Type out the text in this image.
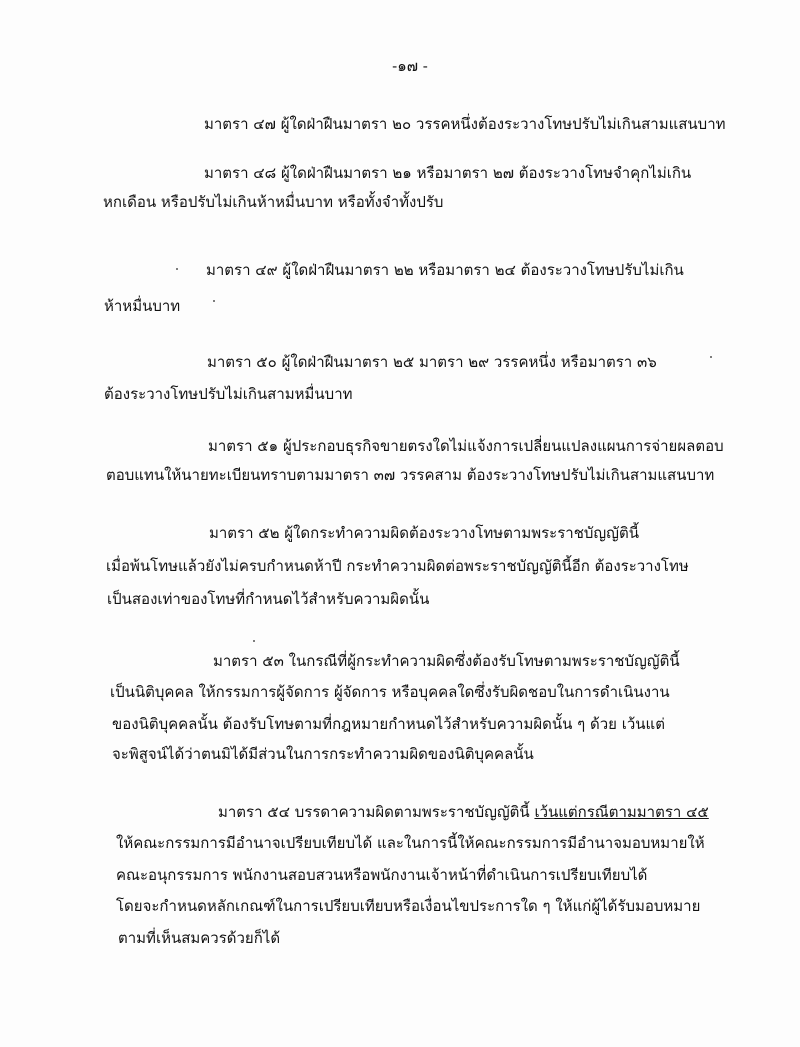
-๑๗ -
มาตรา ๔๗ ผู้ใดฝ่าฝืนมาตรา ๒๐ วรรคหนึ่งต้องระวางโทษปรับไม่เกินสามแสนบาท
มาตรา ๔๘ ผู้ใดฝ่าฝืนมาตรา ๒๑ หรือมาตรา ๒๗ ต้องระวางโทษจำคุกไม่เกิน
หกเดือน หรือปรับไม่เกินห้าหมื่นบาท หรือทั้งจำทั้งปรับ
มาตรา ๔๙ ผู้ใดฝ่าฝืนมาตรา ๒๒ หรือมาตรา ๒๔ ต้องระวางโทษปรับไม่เกิน
ห้าหมื่นบาท
มาตรา ๕๐ ผู้ใดฝ่าฝืนมาตรา ๒๕ มาตรา ๒๙ วรรคหนึ่ง หรือมาตรา ๓๖
ต้องระวางโทษปรับไม่เกินสามหมื่นบาท
มาตรา ๕๑ ผู้ประกอบธุรกิจขายตรงใดไม่แจ้งการเปลี่ยนแปลงแผนการจ่ายผลตอบ
ตอบแทนให้นายทะเบียนทราบตามมาตรา ๓๗ วรรคสาม ต้องระวางโทษปรับไม่เกินสามแสนบาท
มาตรา ๕๒ ผู้ใดกระทำความผิดต้องระวางโทษตามพระราชบัญญัตินี้
เมื่อพ้นโทษแล้วยังไม่ครบกำหนดห้าปี กระทำความผิดต่อพระราชบัญญัตินี้อีก ต้องระวางโทษ
เป็นสองเท่าของโทษที่กำหนดไว้สำหรับความผิดนั้น
มาตรา ๕๓ ในกรณีที่ผู้กระทำความผิดซึ่งต้องรับโทษตามพระราชบัญญัตินี้
เป็นนิติบุคคล ให้กรรมการผู้จัดการ ผู้จัดการ หรือบุคคลใดซึ่งรับผิดชอบในการดำเนินงาน
ของนิติบุคคลนั้น ต้องรับโทษตามที่กฎหมายกำหนดไว้สำหรับความผิดนั้น ๆ ด้วย เว้นแต่
จะพิสูจน์ได้ว่าตนมิได้มีส่วนในการกระทำความผิดของนิติบุคคลนั้น
มาตรา ๕๔ บรรดาความผิดตามพระราชบัญญัตินี้ เว้นแต่กรณีตามมาตรา ๔๕
ให้คณะกรรมการมีอำนาจเปรียบเทียบได้ และในการนี้ให้คณะกรรมการมีอำนาจมอบหมายให้
คณะอนุกรรมการ พนักงานสอบสวนหรือพนักงานเจ้าหน้าที่ดำเนินการเปรียบเทียบได้
โดยจะกำหนดหลักเกณฑ์ในการเปรียบเทียบหรือเงื่อนไขประการใด ๆ ให้แก่ผู้ได้รับมอบหมาย
ตามที่เห็นสมควรด้วยก็ได้
